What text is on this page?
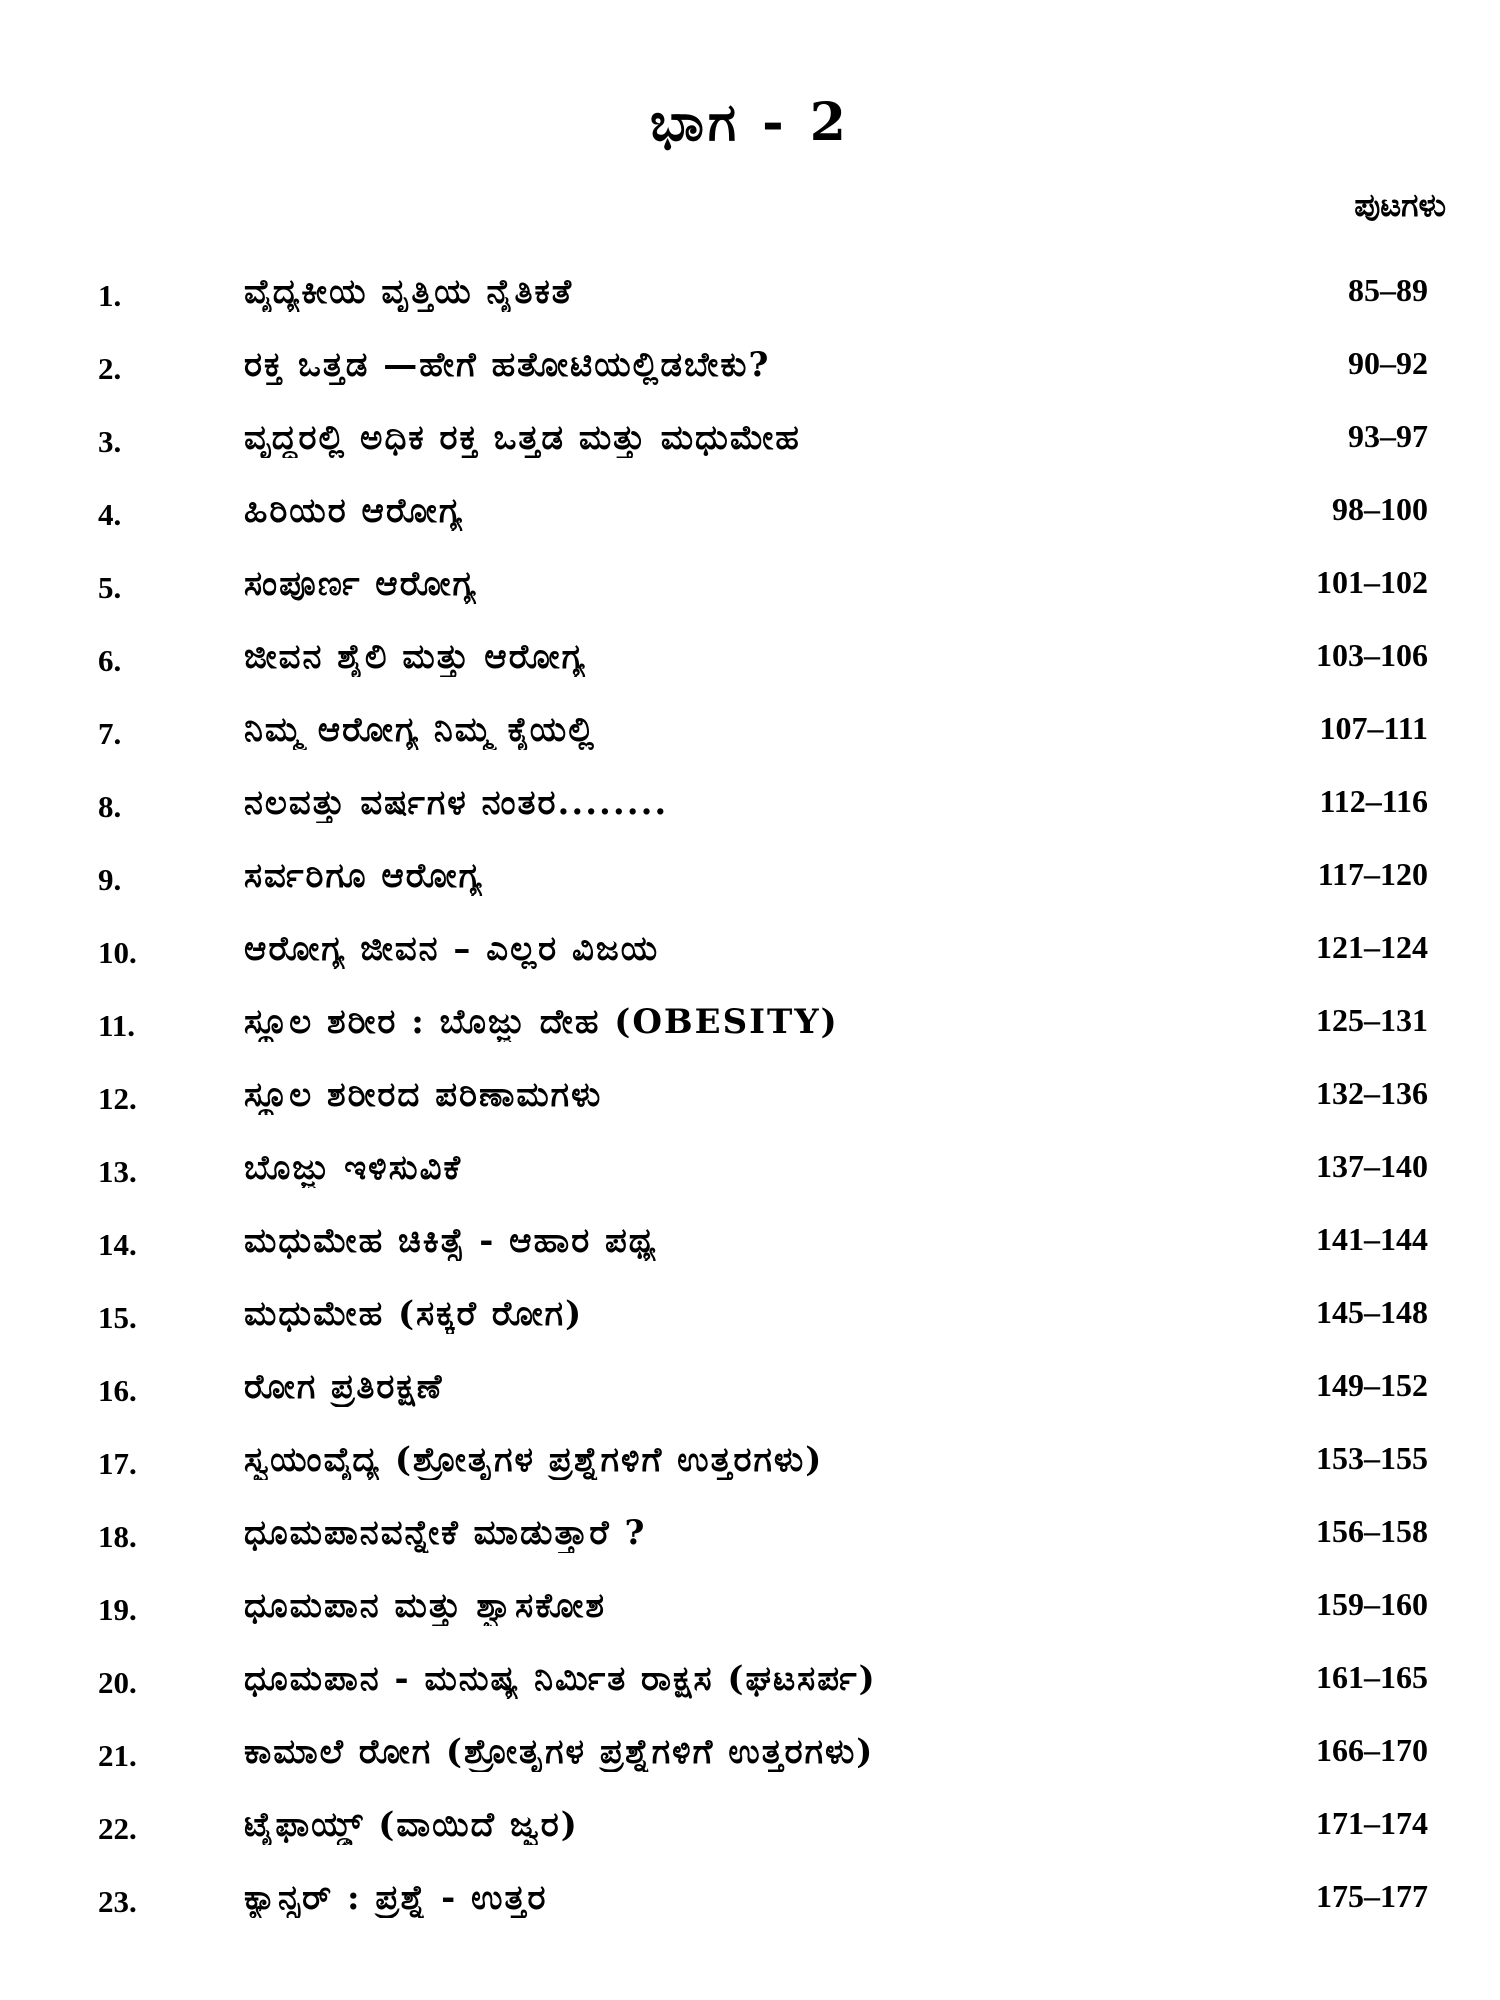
ಭಾಗ - 2
ಪುಟಗಳು
1.	ವೈದ್ಯಕೀಯ ವೃತ್ತಿಯ ನೈತಿಕತೆ	85–89
2.	ರಕ್ತ ಒತ್ತಡ —ಹೇಗೆ ಹತೋಟಿಯಲ್ಲಿಡಬೇಕು?	90–92
3.	ವೃದ್ಧರಲ್ಲಿ ಅಧಿಕ ರಕ್ತ ಒತ್ತಡ ಮತ್ತು ಮಧುಮೇಹ	93–97
4.	ಹಿರಿಯರ ಆರೋಗ್ಯ	98–100
5.	ಸಂಪೂರ್ಣ ಆರೋಗ್ಯ	101–102
6.	ಜೀವನ ಶೈಲಿ ಮತ್ತು ಆರೋಗ್ಯ	103–106
7.	ನಿಮ್ಮ ಆರೋಗ್ಯ ನಿಮ್ಮ ಕೈಯಲ್ಲಿ	107–111
8.	ನಲವತ್ತು ವರ್ಷಗಳ ನಂತರ........	112–116
9.	ಸರ್ವರಿಗೂ ಆರೋಗ್ಯ	117–120
10.	ಆರೋಗ್ಯ ಜೀವನ – ಎಲ್ಲರ ವಿಜಯ	121–124
11.	ಸ್ಥೂಲ ಶರೀರ : ಬೊಜ್ಜು ದೇಹ (OBESITY)	125–131
12.	ಸ್ಥೂಲ ಶರೀರದ ಪರಿಣಾಮಗಳು	132–136
13.	ಬೊಜ್ಜು ಇಳಿಸುವಿಕೆ	137–140
14.	ಮಧುಮೇಹ ಚಿಕಿತ್ಸೆ - ಆಹಾರ ಪಥ್ಯ	141–144
15.	ಮಧುಮೇಹ (ಸಕ್ಕರೆ ರೋಗ)	145–148
16.	ರೋಗ ಪ್ರತಿರಕ್ಷಣೆ	149–152
17.	ಸ್ವಯಂವೈದ್ಯ (ಶ್ರೋತೃಗಳ ಪ್ರಶ್ನೆಗಳಿಗೆ ಉತ್ತರಗಳು)	153–155
18.	ಧೂಮಪಾನವನ್ನೇಕೆ ಮಾಡುತ್ತಾರೆ ?	156–158
19.	ಧೂಮಪಾನ ಮತ್ತು ಶ್ವಾಸಕೋಶ	159–160
20.	ಧೂಮಪಾನ - ಮನುಷ್ಯ ನಿರ್ಮಿತ ರಾಕ್ಷಸ (ಘಟಸರ್ಪ)	161–165
21.	ಕಾಮಾಲೆ ರೋಗ (ಶ್ರೋತೃಗಳ ಪ್ರಶ್ನೆಗಳಿಗೆ ಉತ್ತರಗಳು)	166–170
22.	ಟೈಫಾಯ್ಡ್ (ವಾಯಿದೆ ಜ್ವರ)	171–174
23.	ಕ್ಯಾನ್ಸರ್ : ಪ್ರಶ್ನೆ - ಉತ್ತರ	175–177
